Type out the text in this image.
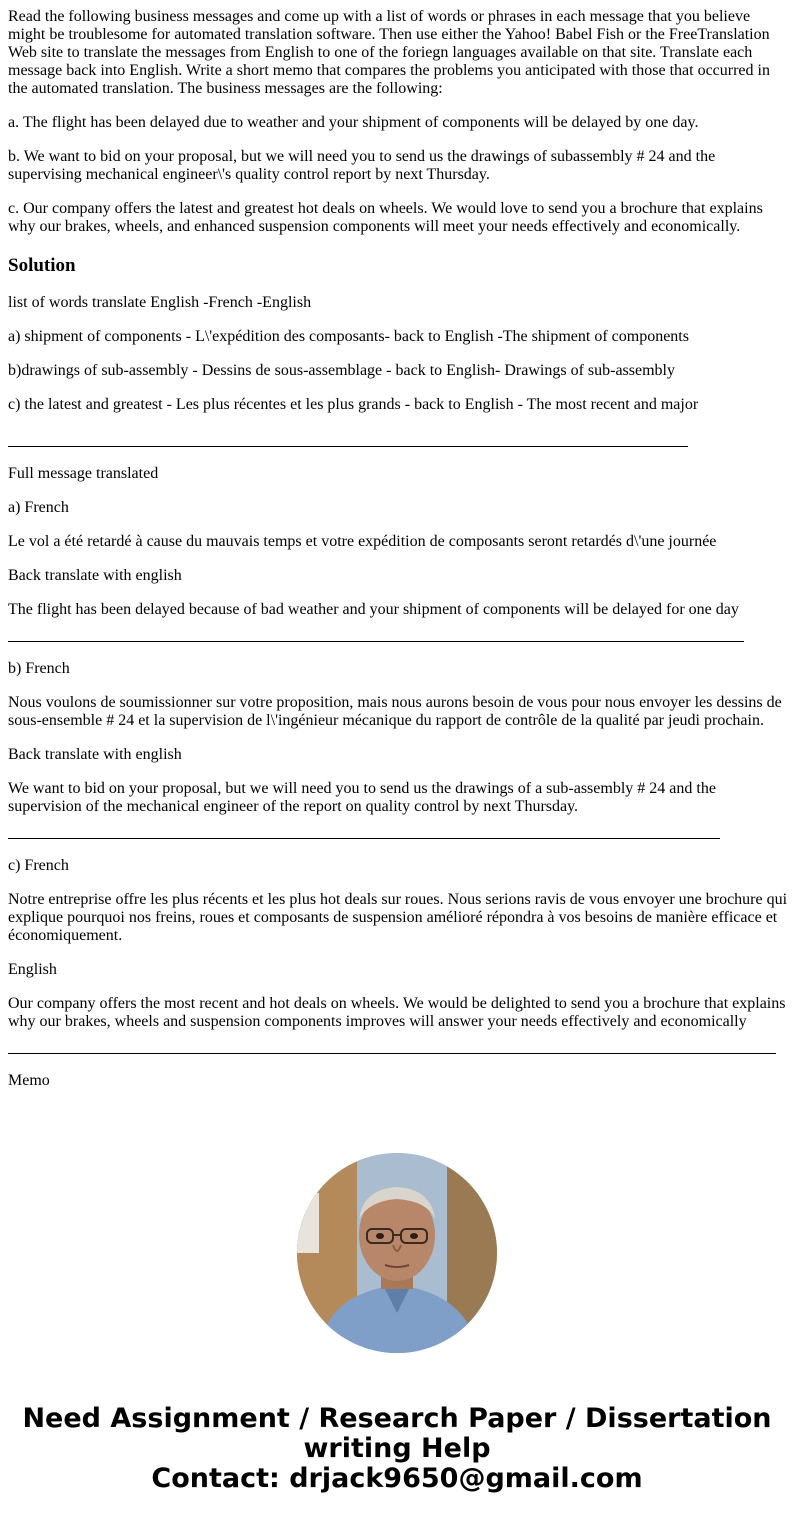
Read the following business messages and come up with a list of words or phrases in each message that you believe might be troublesome for automated translation software. Then use either the Yahoo! Babel Fish or the FreeTranslation Web site to translate the messages from English to one of the foriegn languages available on that site. Translate each message back into English. Write a short memo that compares the problems you anticipated with those that occurred in the automated translation. The business messages are the following:

a. The flight has been delayed due to weather and your shipment of components will be delayed by one day.

b. We want to bid on your proposal, but we will need you to send us the drawings of subassembly # 24 and the supervising mechanical engineer\'s quality control report by next Thursday.

c. Our company offers the latest and greatest hot deals on wheels. We would love to send you a brochure that explains why our brakes, wheels, and enhanced suspension components will meet your needs effectively and economically.

Solution

list of words translate English -French -English

a) shipment of components - L\'expédition des composants- back to English -The shipment of components

b)drawings of sub-assembly - Dessins de sous-assemblage - back to English- Drawings of sub-assembly

c) the latest and greatest - Les plus récentes et les plus grands - back to English - The most recent and major

Full message translated

a) French

Le vol a été retardé à cause du mauvais temps et votre expédition de composants seront retardés d\'une journée

Back translate with english

The flight has been delayed because of bad weather and your shipment of components will be delayed for one day

b) French

Nous voulons de soumissionner sur votre proposition, mais nous aurons besoin de vous pour nous envoyer les dessins de sous-ensemble # 24 et la supervision de l\'ingénieur mécanique du rapport de contrôle de la qualité par jeudi prochain.

Back translate with english

We want to bid on your proposal, but we will need you to send us the drawings of a sub-assembly # 24 and the supervision of the mechanical engineer of the report on quality control by next Thursday.

c) French

Notre entreprise offre les plus récents et les plus hot deals sur roues. Nous serions ravis de vous envoyer une brochure qui explique pourquoi nos freins, roues et composants de suspension amélioré répondra à vos besoins de manière efficace et économiquement.

English

Our company offers the most recent and hot deals on wheels. We would be delighted to send you a brochure that explains why our brakes, wheels and suspension components improves will answer your needs effectively and economically

Memo

Need Assignment / Research Paper / Dissertation
writing Help
Contact: drjack9650@gmail.com
